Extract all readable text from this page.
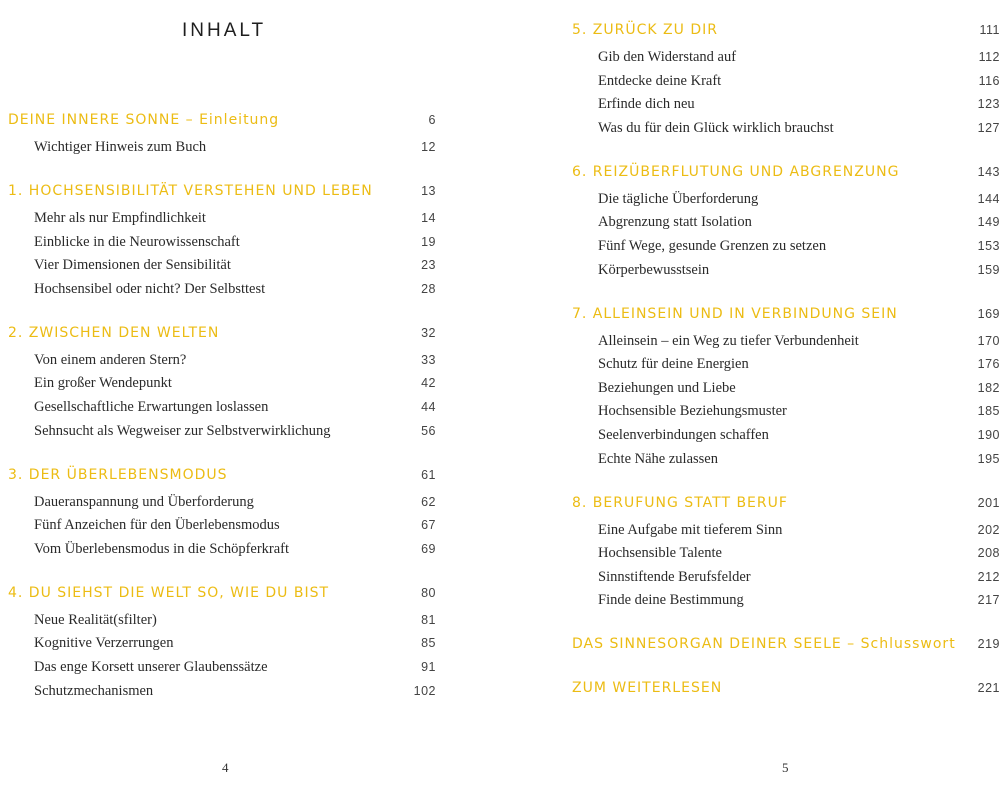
INHALT
DEINE INNERE SONNE – Einleitung	6
Wichtiger Hinweis zum Buch	12
1. HOCHSENSIBILITÄT VERSTEHEN UND LEBEN	13
Mehr als nur Empfindlichkeit	14
Einblicke in die Neurowissenschaft	19
Vier Dimensionen der Sensibilität	23
Hochsensibel oder nicht? Der Selbsttest	28
2. ZWISCHEN DEN WELTEN	32
Von einem anderen Stern?	33
Ein großer Wendepunkt	42
Gesellschaftliche Erwartungen loslassen	44
Sehnsucht als Wegweiser zur Selbstverwirklichung	56
3. DER ÜBERLEBENSMODUS	61
Daueranspannung und Überforderung	62
Fünf Anzeichen für den Überlebensmodus	67
Vom Überlebensmodus in die Schöpferkraft	69
4. DU SIEHST DIE WELT SO, WIE DU BIST	80
Neue Realität(sfilter)	81
Kognitive Verzerrungen	85
Das enge Korsett unserer Glaubenssätze	91
Schutzmechanismen	102
4
5. ZURÜCK ZU DIR	111
Gib den Widerstand auf	112
Entdecke deine Kraft	116
Erfinde dich neu	123
Was du für dein Glück wirklich brauchst	127
6. REIZÜBERFLUTUNG UND ABGRENZUNG	143
Die tägliche Überforderung	144
Abgrenzung statt Isolation	149
Fünf Wege, gesunde Grenzen zu setzen	153
Körperbewusstsein	159
7. ALLEINSEIN UND IN VERBINDUNG SEIN	169
Alleinsein – ein Weg zu tiefer Verbundenheit	170
Schutz für deine Energien	176
Beziehungen und Liebe	182
Hochsensible Beziehungsmuster	185
Seelenverbindungen schaffen	190
Echte Nähe zulassen	195
8. BERUFUNG STATT BERUF	201
Eine Aufgabe mit tieferem Sinn	202
Hochsensible Talente	208
Sinnstiftende Berufsfelder	212
Finde deine Bestimmung	217
DAS SINNESORGAN DEINER SEELE – Schlusswort 219
ZUM WEITERLESEN	221
5
